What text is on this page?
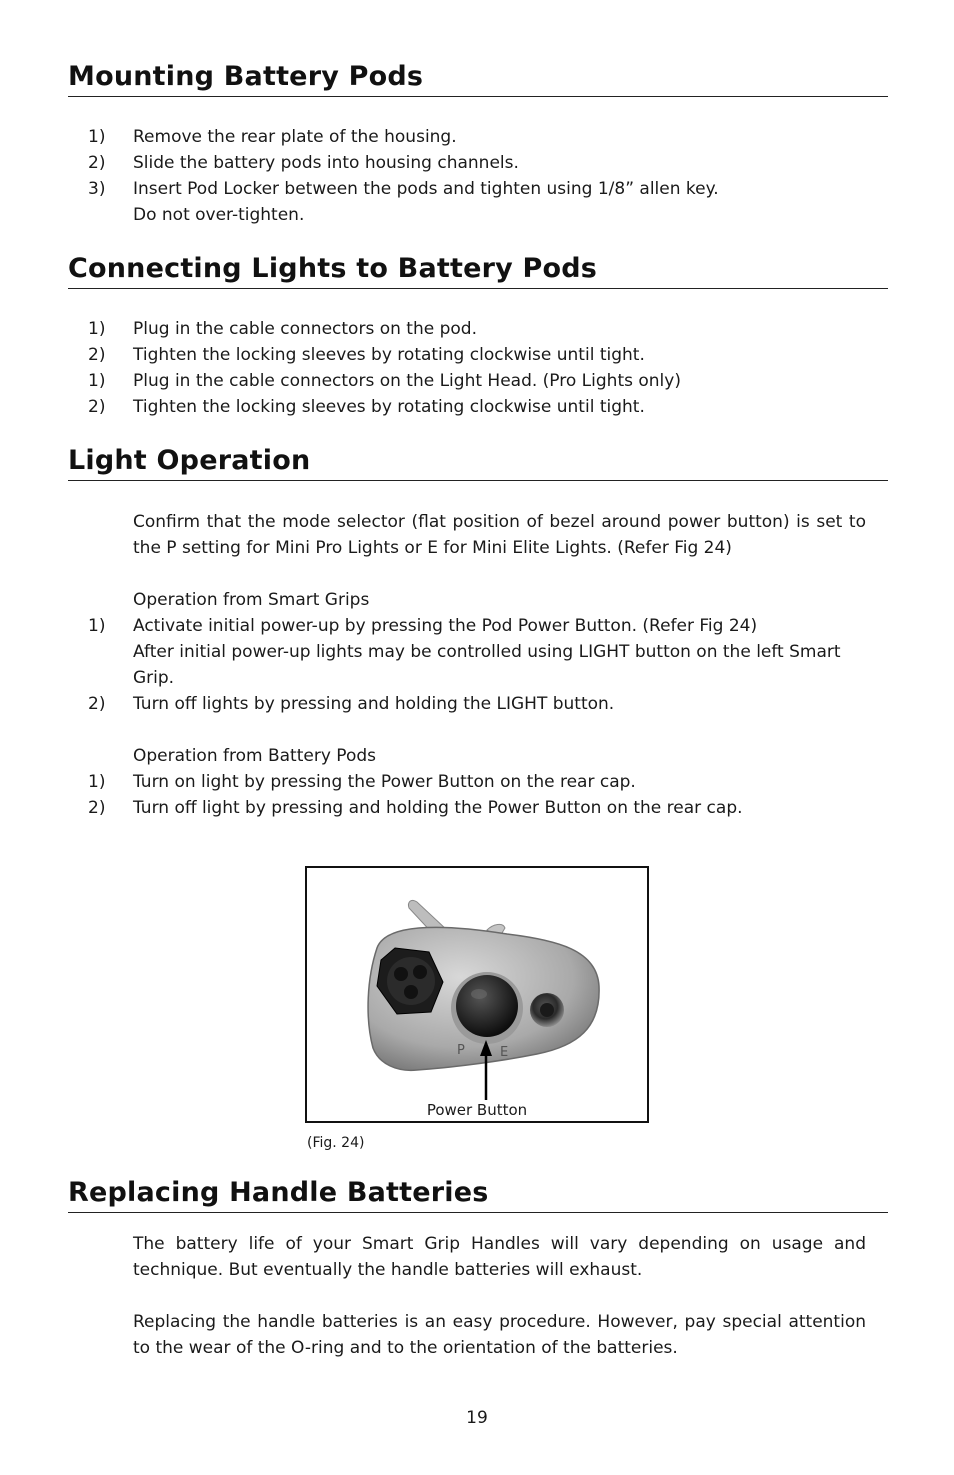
Mounting Battery Pods
1) Remove the rear plate of the housing.
2) Slide the battery pods into housing channels.
3) Insert Pod Locker between the pods and tighten using 1/8” allen key.
Do not over-tighten.
Connecting Lights to Battery Pods
1) Plug in the cable connectors on the pod.
2) Tighten the locking sleeves by rotating clockwise until tight.
1) Plug in the cable connectors on the Light Head. (Pro Lights only)
2) Tighten the locking sleeves by rotating clockwise until tight.
Light Operation

Confirm that the mode selector (flat position of bezel around power button) is set to the P setting for Mini Pro Lights or E for Mini Elite Lights. (Refer Fig 24)

Operation from Smart Grips
1) Activate initial power-up by pressing the Pod Power Button. (Refer Fig 24)

After initial power-up lights may be controlled using LIGHT button on the left Smart Grip.

2) Turn off lights by pressing and holding the LIGHT button.
Operation from Battery Pods
1) Turn on light by pressing the Power Button on the rear cap.
2) Turn off light by pressing and holding the Power Button on the rear cap.
P	E
Power Button
(Fig. 24)
Replacing Handle Batteries

The battery life of your Smart Grip Handles will vary depending on usage and technique. But eventually the handle batteries will exhaust.

Replacing the handle batteries is an easy procedure. However, pay special attention to the wear of the O-ring and to the orientation of the batteries.

19
